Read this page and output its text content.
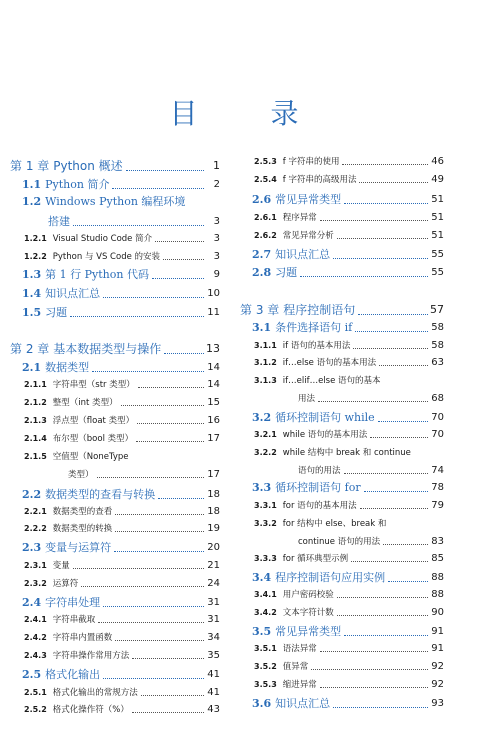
目 录
第 1 章 Python 概述	1
1.1 Python 简介	2
1.2 Windows Python 编程环境
搭建	3
1.2.1 Visual Studio Code 简介	3
1.2.2 Python 与 VS Code 的安装	3
1.3 第 1 行 Python 代码	9
1.4 知识点汇总	10
1.5 习题	11
第 2 章 基本数据类型与操作	13
2.1 数据类型	14
2.1.1 字符串型（str 类型）	14
2.1.2 整型（int 类型）	15
2.1.3 浮点型（float 类型）	16
2.1.4 布尔型（bool 类型）	17
2.1.5 空值型（NoneType
类型）	17
2.2 数据类型的查看与转换	18
2.2.1 数据类型的查看	18
2.2.2 数据类型的转换	19
2.3 变量与运算符	20
2.3.1 变量	21
2.3.2 运算符	24
2.4 字符串处理	31
2.4.1 字符串截取	31
2.4.2 字符串内置函数	34
2.4.3 字符串操作常用方法	35
2.5 格式化输出	41
2.5.1 格式化输出的常规方法	41
2.5.2 格式化操作符（%）	43
2.5.3 f 字符串的使用	46
2.5.4 f 字符串的高级用法	49
2.6 常见异常类型	51
2.6.1 程序异常	51
2.6.2 常见异常分析	51
2.7 知识点汇总	55
2.8 习题	55
第 3 章 程序控制语句	57
3.1 条件选择语句 if	58
3.1.1 if 语句的基本用法	58
3.1.2 if…else 语句的基本用法	63
3.1.3 if…elif…else 语句的基本
用法	68
3.2 循环控制语句 while	70
3.2.1 while 语句的基本用法	70
3.2.2 while 结构中 break 和 continue
语句的用法	74
3.3 循环控制语句 for	78
3.3.1 for 语句的基本用法	79
3.3.2 for 结构中 else、break 和
continue 语句的用法	83
3.3.3 for 循环典型示例	85
3.4 程序控制语句应用实例	88
3.4.1 用户密码校验	88
3.4.2 文本字符计数	90
3.5 常见异常类型	91
3.5.1 语法异常	91
3.5.2 值异常	92
3.5.3 缩进异常	92
3.6 知识点汇总	93
